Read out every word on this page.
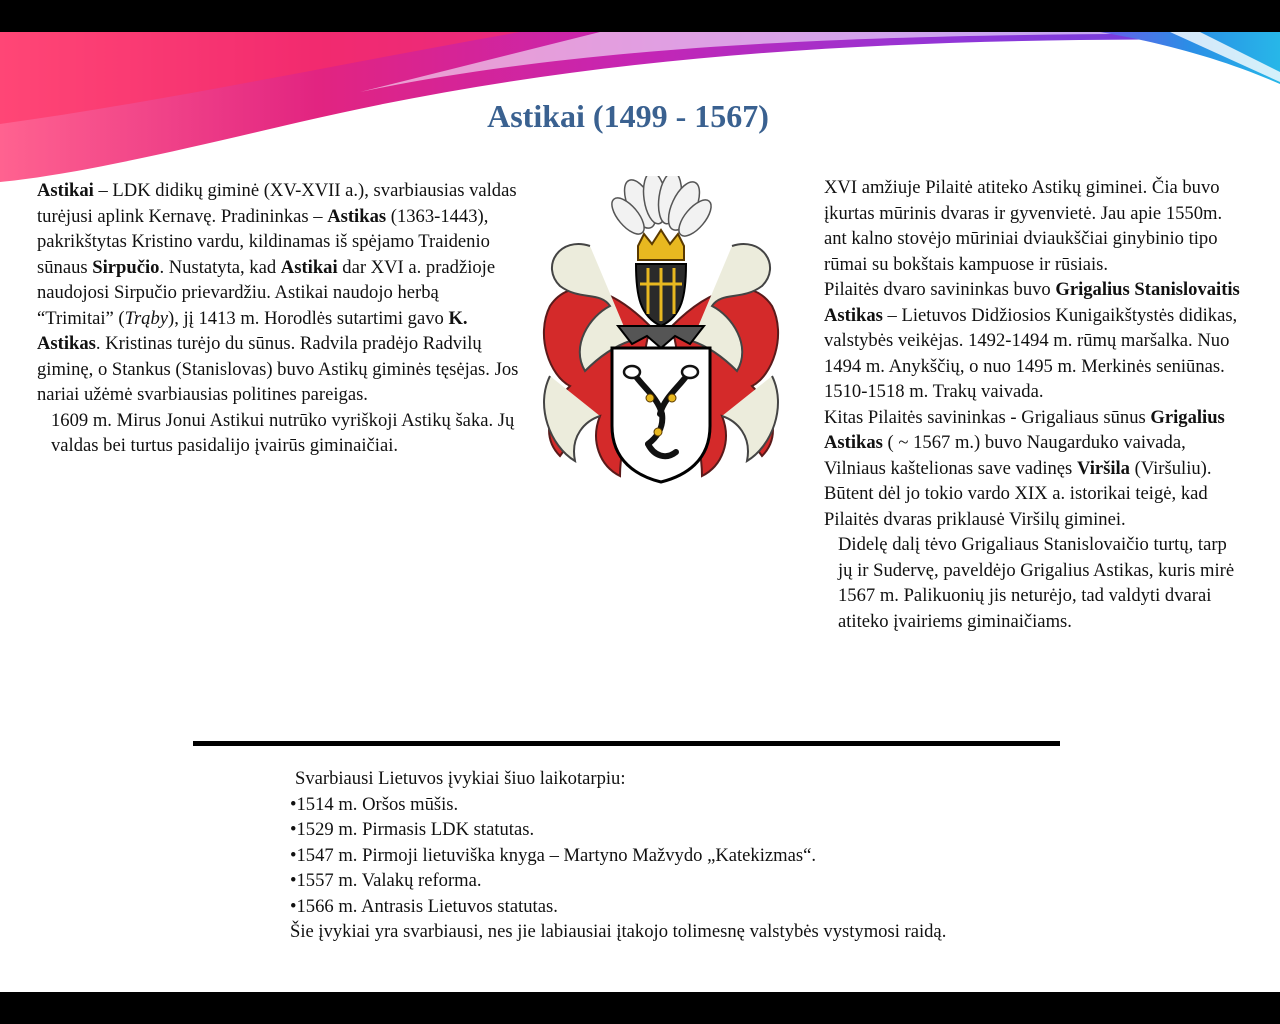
Astikai (1499 - 1567)

Astikai – LDK didikų giminė (XV-XVII a.), svarbiausias valdas turėjusi aplink Kernavę. Pradininkas – Astikas (1363-1443), pakrikštytas Kristino vardu, kildinamas iš spėjamo Traidenio sūnaus Sirpučio. Nustatyta, kad Astikai dar XVI a. pradžioje naudojosi Sirpučio prievardžiu. Astikai naudojo herbą “Trimitai” (Trąby), jį 1413 m. Horodlės sutartimi gavo K. Astikas. Kristinas turėjo du sūnus. Radvila pradėjo Radvilų giminę, o Stankus (Stanislovas) buvo Astikų giminės tęsėjas. Jos nariai užėmė svarbiausias politines pareigas.

1609 m. Mirus Jonui Astikui nutrūko vyriškoji Astikų šaka. Jų valdas bei turtus pasidalijo įvairūs giminaičiai.

XVI amžiuje Pilaitė atiteko Astikų giminei. Čia buvo įkurtas mūrinis dvaras ir gyvenvietė. Jau apie 1550m. ant kalno stovėjo mūriniai dviaukščiai ginybinio tipo rūmai su bokštais kampuose ir rūsiais.

Pilaitės dvaro savininkas buvo Grigalius Stanislovaitis Astikas – Lietuvos Didžiosios Kunigaikštystės didikas, valstybės veikėjas. 1492-1494 m. rūmų maršalka. Nuo 1494 m. Anykščių, o nuo 1495 m. Merkinės seniūnas. 1510-1518 m. Trakų vaivada.

Kitas Pilaitės savininkas - Grigaliaus sūnus Grigalius Astikas ( ~ 1567 m.) buvo Naugarduko vaivada, Vilniaus kaštelionas save vadinęs Viršila (Viršuliu). Būtent dėl jo tokio vardo XIX a. istorikai teigė, kad Pilaitės dvaras priklausė Viršilų giminei.

Didelę dalį tėvo Grigaliaus Stanislovaičio turtų, tarp jų ir Sudervę, paveldėjo Grigalius Astikas, kuris mirė 1567 m. Palikuonių jis neturėjo, tad valdyti dvarai atiteko įvairiems giminaičiams.

Svarbiausi Lietuvos įvykiai šiuo laikotarpiu:

•1514 m. Oršos mūšis.

•1529 m. Pirmasis LDK statutas.

•1547 m. Pirmoji lietuviška knyga – Martyno Mažvydo „Katekizmas“.

•1557 m. Valakų reforma.

•1566 m. Antrasis Lietuvos statutas.

Šie įvykiai yra svarbiausi, nes jie labiausiai įtakojo tolimesnę valstybės vystymosi raidą.
